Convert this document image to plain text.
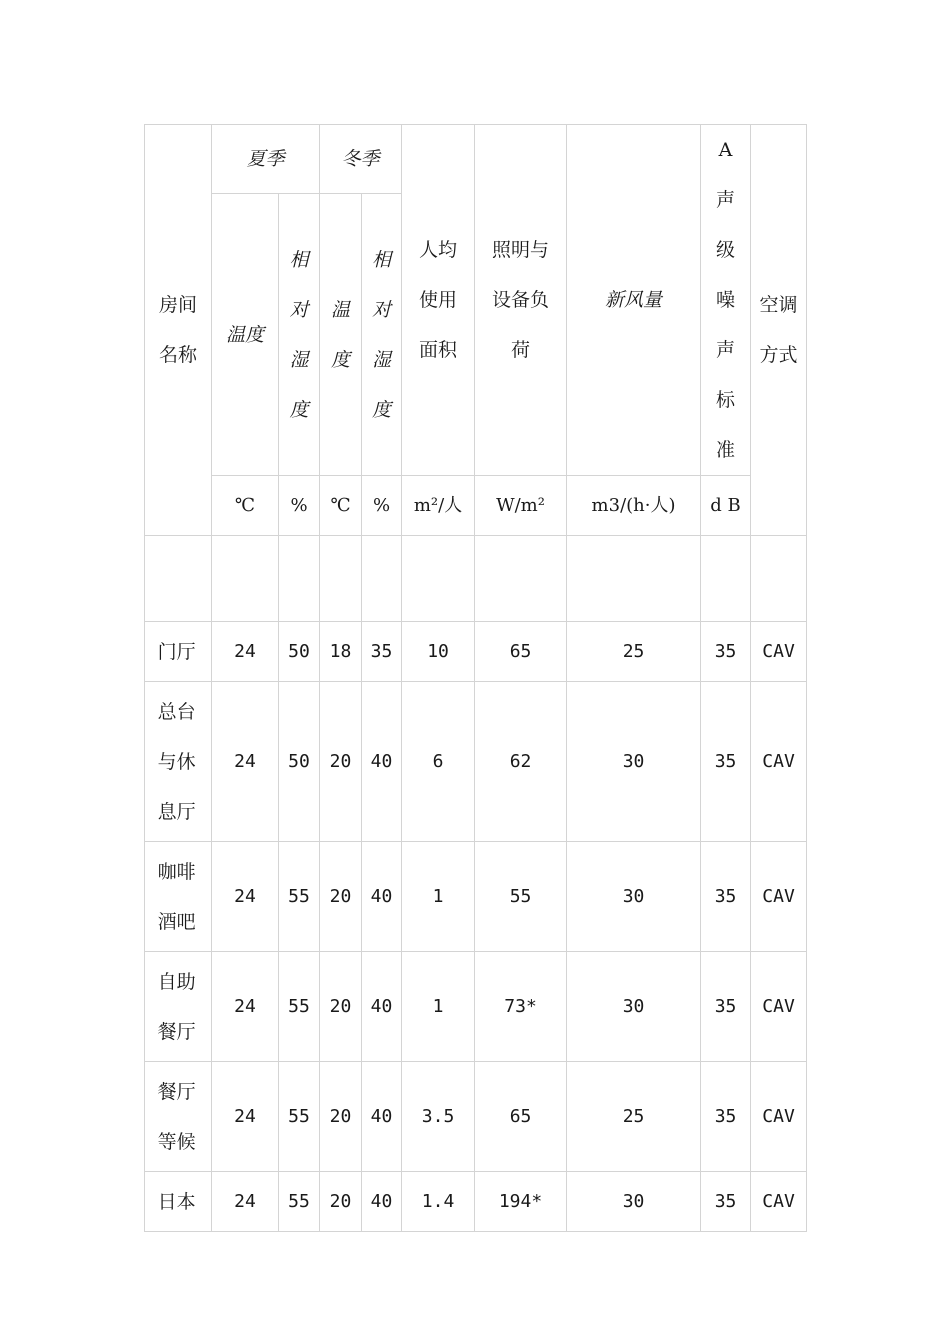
房间名称	夏季		冬季		人均使用面积	照明与设备负荷	新风量	A声级噪声标准	空调方式
	温度	相对湿度	温度	相对湿度					
	℃	%	℃	%	m²/人	W/m²	m3/(h·人)	d B	

门厅	24	50	18	35	10	65	25	35	CAV
总台与休息厅	24	50	20	40	6	62	30	35	CAV
咖啡酒吧	24	55	20	40	1	55	30	35	CAV
自助餐厅	24	55	20	40	1	73*	30	35	CAV
餐厅等候	24	55	20	40	3.5	65	25	35	CAV
日本	24	55	20	40	1.4	194*	30	35	CAV
